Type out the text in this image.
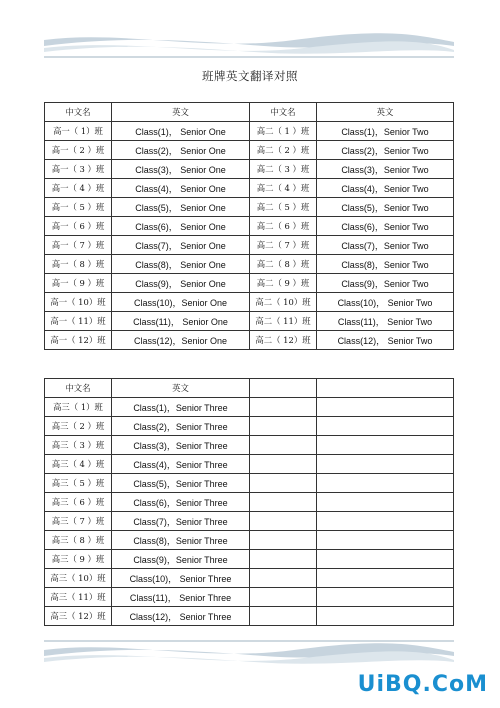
班牌英文翻译对照
中文名	英文	中文名	英文
高一（ 1）班	Class(1)， Senior One	高二（ 1 ）班	Class(1)，Senior Two
高一（ 2 ）班	Class(2)， Senior One	高二（ 2 ）班	Class(2)，Senior Two
高一（ 3 ）班	Class(3)， Senior One	高二（ 3 ）班	Class(3)，Senior Two
高一（ 4 ）班	Class(4)， Senior One	高二（ 4 ）班	Class(4)，Senior Two
高一（ 5 ）班	Class(5)， Senior One	高二（ 5 ）班	Class(5)，Senior Two
高一（ 6 ）班	Class(6)， Senior One	高二（ 6 ）班	Class(6)，Senior Two
高一（ 7 ）班	Class(7)， Senior One	高二（ 7 ）班	Class(7)，Senior Two
高一（ 8 ）班	Class(8)， Senior One	高二（ 8 ）班	Class(8)，Senior Two
高一（ 9 ）班	Class(9)， Senior One	高二（ 9 ）班	Class(9)，Senior Two
高一（ 10）班	Class(10)，Senior One	高二（ 10）班	Class(10)， Senior Two
高一（ 11）班	Class(11)， Senior One	高二（ 11）班	Class(11)， Senior Two
高一（ 12）班	Class(12)，Senior One	高二（ 12）班	Class(12)， Senior Two
中文名	英文		
高三（ 1）班	Class(1)，Senior Three		
高三（ 2 ）班	Class(2)，Senior Three		
高三（ 3 ）班	Class(3)，Senior Three		
高三（ 4 ）班	Class(4)，Senior Three		
高三（ 5 ）班	Class(5)，Senior Three		
高三（ 6 ）班	Class(6)，Senior Three		
高三（ 7 ）班	Class(7)，Senior Three		
高三（ 8 ）班	Class(8)，Senior Three		
高三（ 9 ）班	Class(9)，Senior Three		
高三（ 10）班	Class(10)， Senior Three		
高三（ 11）班	Class(11)， Senior Three		
高三（ 12）班	Class(12)， Senior Three		
UiBQ.CoM
